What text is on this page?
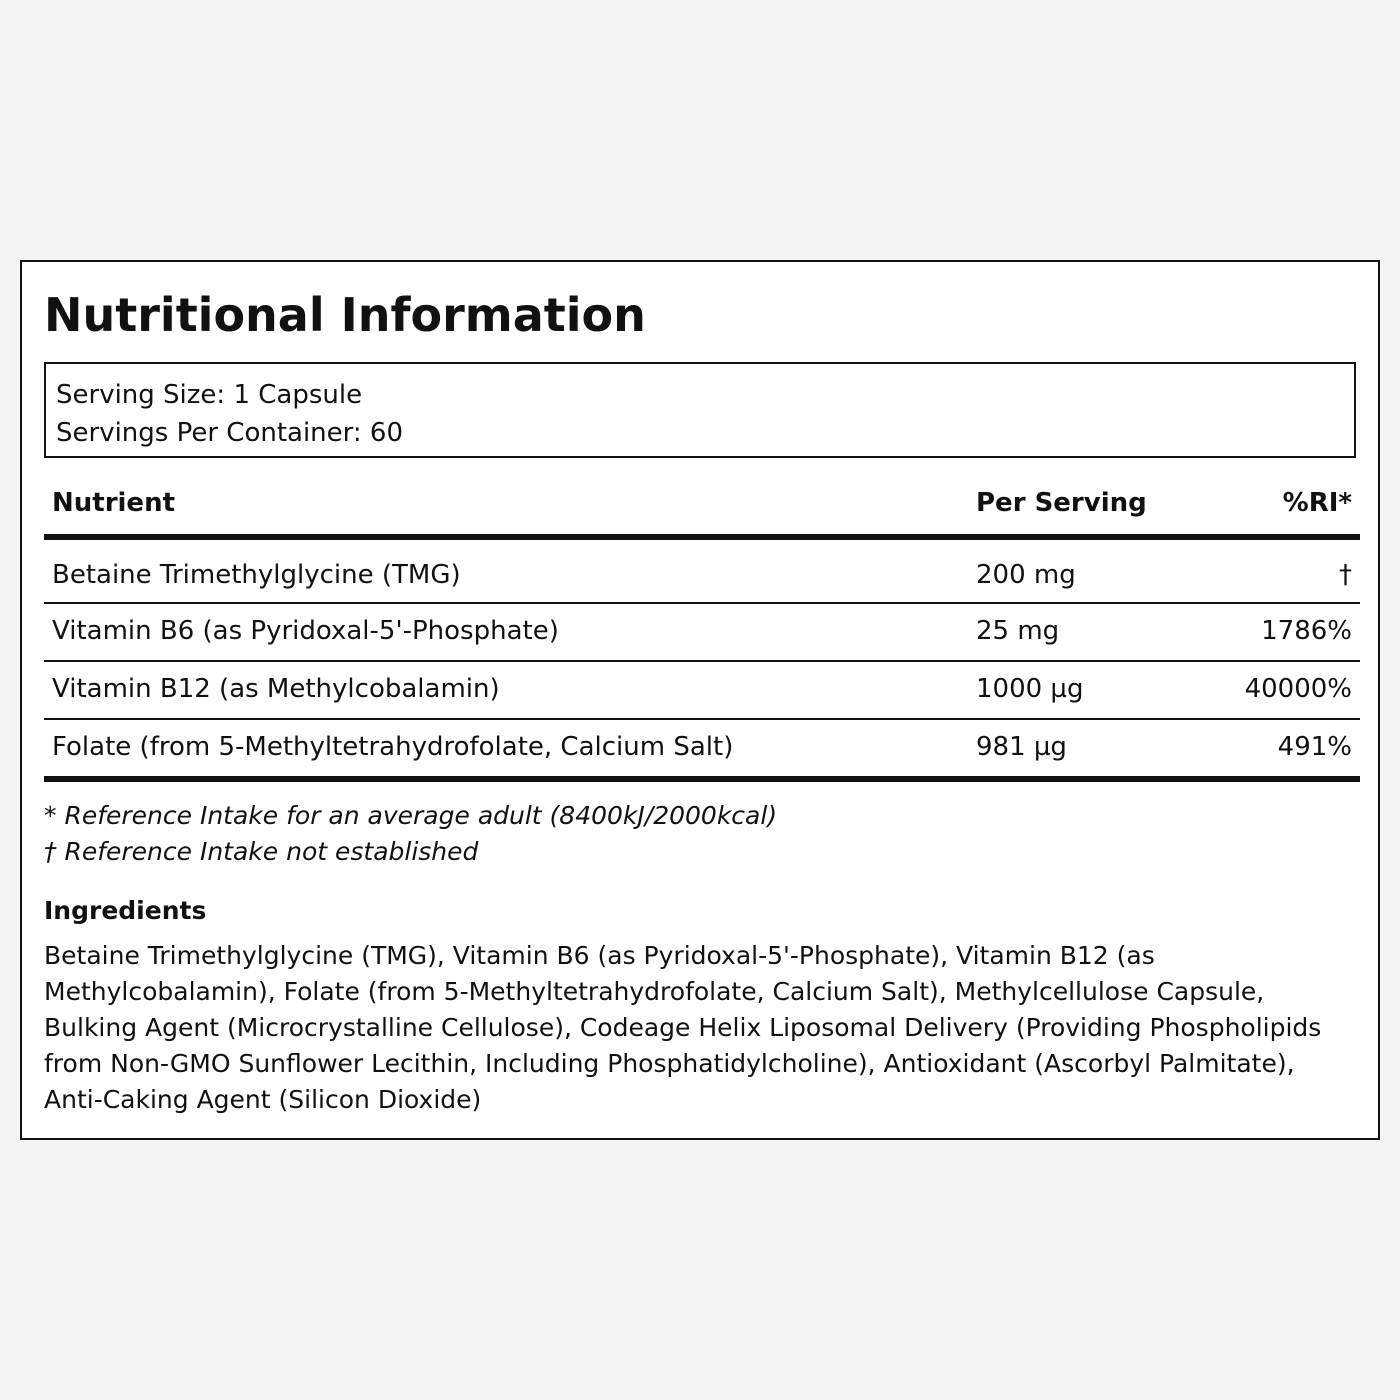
Nutritional Information
Serving Size: 1 Capsule
Servings Per Container: 60
Nutrient	Per Serving	%RI*
Betaine Trimethylglycine (TMG)	200 mg	†
Vitamin B6 (as Pyridoxal-5'-Phosphate)	25 mg	1786%
Vitamin B12 (as Methylcobalamin)	1000 µg	40000%
Folate (from 5-Methyltetrahydrofolate, Calcium Salt)	981 µg	491%
* Reference Intake for an average adult (8400kJ/2000kcal)
† Reference Intake not established
Ingredients

Betaine Trimethylglycine (TMG), Vitamin B6 (as Pyridoxal-5'-Phosphate), Vitamin B12 (as Methylcobalamin), Folate (from 5-Methyltetrahydrofolate, Calcium Salt), Methylcellulose Capsule, Bulking Agent (Microcrystalline Cellulose), Codeage Helix Liposomal Delivery (Providing Phospholipids from Non-GMO Sunflower Lecithin, Including Phosphatidylcholine), Antioxidant (Ascorbyl Palmitate), Anti-Caking Agent (Silicon Dioxide)
